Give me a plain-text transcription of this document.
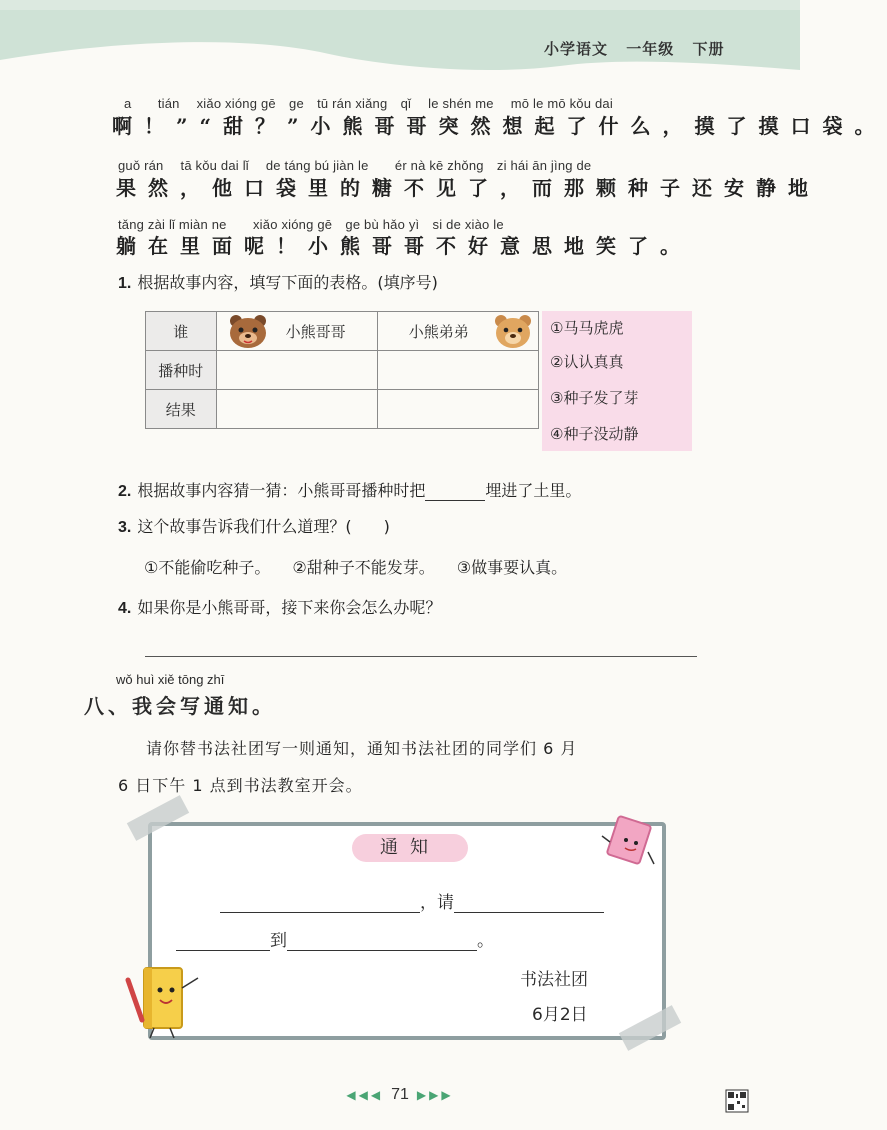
小学语文 一年级 下册
a　　tián　 xiǎo xióng gē　ge　tū rán xiǎng　qǐ　 le shén me　 mō le mō kǒu dai
啊！”“甜？”小熊哥哥突然想起了什么，摸了摸口袋。
guǒ rán　 tā kǒu dai lǐ　 de táng bú jiàn le　　ér nà kē zhǒng　zi hái ān jìng de
果然，他口袋里的糖不见了，而那颗种子还安静地
tǎng zài lǐ miàn ne　　xiǎo xióng gē　ge bù hǎo yì　si de xiào le
躺在里面呢！小熊哥哥不好意思地笑了。
1. 根据故事内容，填写下面的表格。(填序号)
谁	小熊哥哥	小熊弟弟

播种时		
结果		
①马马虎虎
②认认真真
③种子发了芽
④种子没动静
2. 根据故事内容猜一猜：小熊哥哥播种时把	埋进了土里。
3. 这个故事告诉我们什么道理？(　　)
①不能偷吃种子。 ②甜种子不能发芽。 ③做事要认真。
4. 如果你是小熊哥哥，接下来你会怎么办呢？
wǒ huì xiě tōng zhī
八、我会写通知。
请你替书法社团写一则通知，通知书法社团的同学们 6 月
6 日下午 1 点到书法教室开会。
通知
，请
到	。
书法社团
6月2日
◀◀◀ 71 ▶▶▶
